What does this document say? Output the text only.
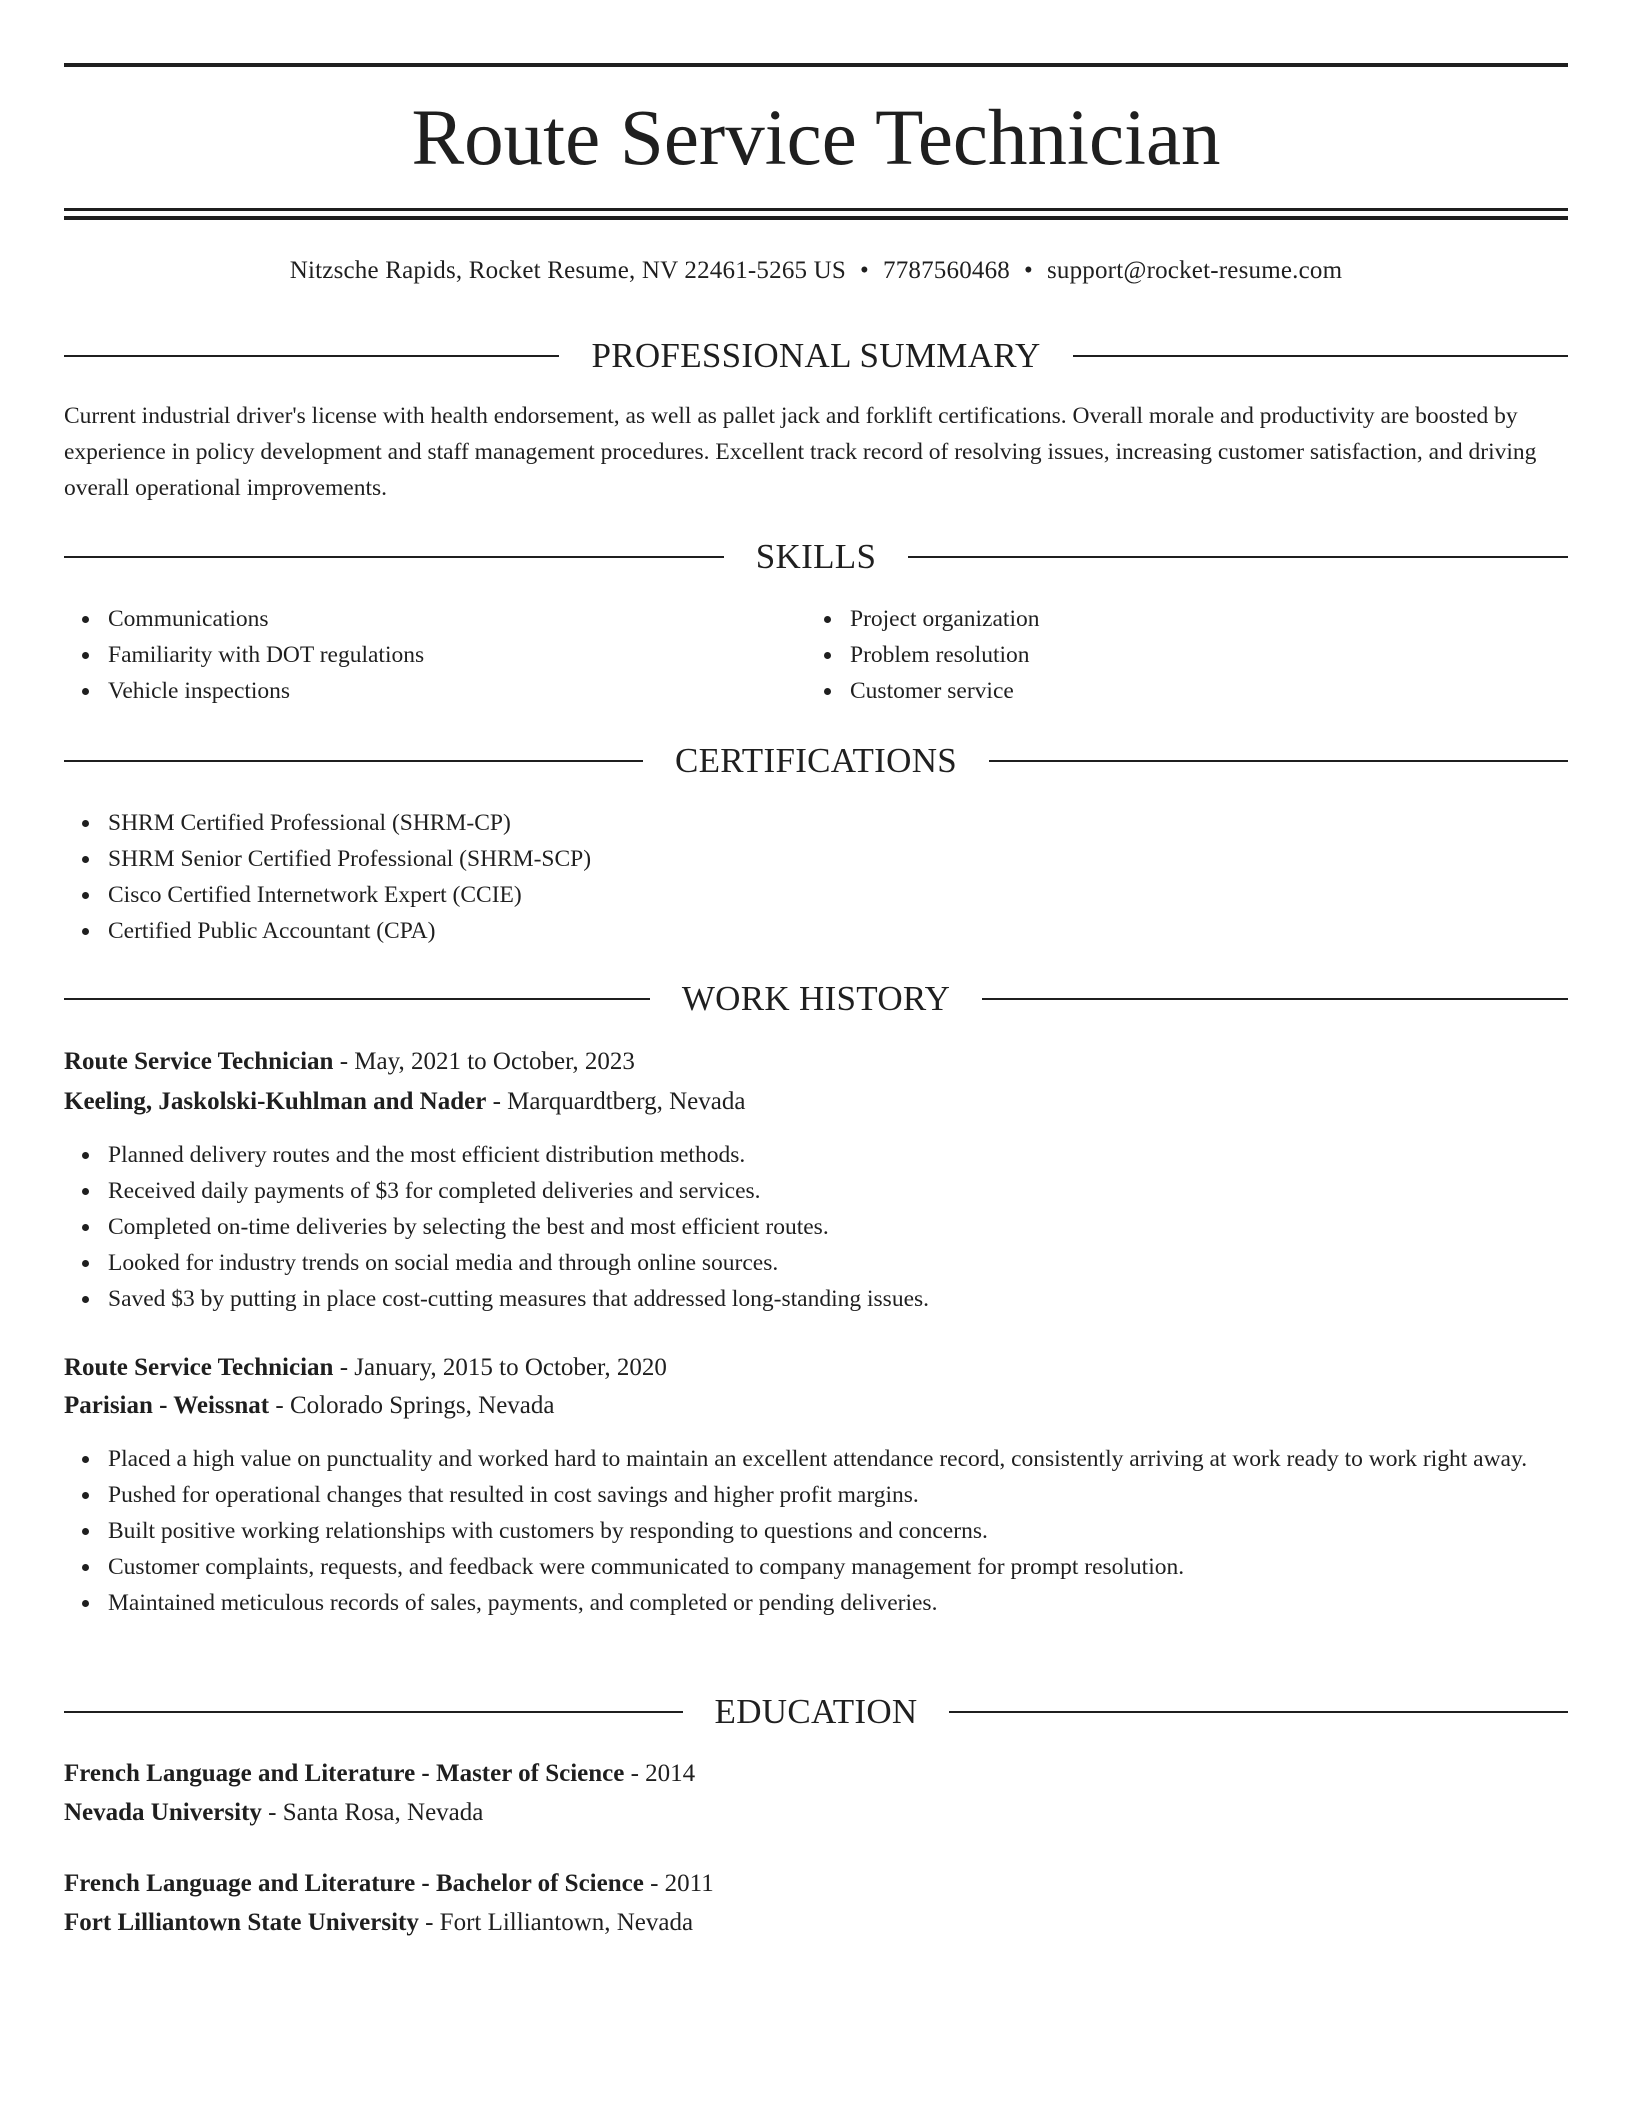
Route Service Technician
Nitzsche Rapids, Rocket Resume, NV 22461-5265 US • 7787560468 • support@rocket-resume.com
PROFESSIONAL SUMMARY

Current industrial driver's license with health endorsement, as well as pallet jack and forklift certifications. Overall morale and productivity are boosted by experience in policy development and staff management procedures. Excellent track record of resolving issues, increasing customer satisfaction, and driving overall operational improvements.

SKILLS
Communications
Familiarity with DOT regulations
Vehicle inspections
Project organization
Problem resolution
Customer service
CERTIFICATIONS
SHRM Certified Professional (SHRM-CP)
SHRM Senior Certified Professional (SHRM-SCP)
Cisco Certified Internetwork Expert (CCIE)
Certified Public Accountant (CPA)
WORK HISTORY
Route Service Technician - May, 2021 to October, 2023
Keeling, Jaskolski-Kuhlman and Nader - Marquardtberg, Nevada
Planned delivery routes and the most efficient distribution methods.
Received daily payments of $3 for completed deliveries and services.
Completed on-time deliveries by selecting the best and most efficient routes.
Looked for industry trends on social media and through online sources.
Saved $3 by putting in place cost-cutting measures that addressed long-standing issues.
Route Service Technician - January, 2015 to October, 2020
Parisian - Weissnat - Colorado Springs, Nevada
Placed a high value on punctuality and worked hard to maintain an excellent attendance record, consistently arriving at work ready to work right away.
Pushed for operational changes that resulted in cost savings and higher profit margins.
Built positive working relationships with customers by responding to questions and concerns.
Customer complaints, requests, and feedback were communicated to company management for prompt resolution.
Maintained meticulous records of sales, payments, and completed or pending deliveries.
EDUCATION
French Language and Literature - Master of Science - 2014
Nevada University - Santa Rosa, Nevada
French Language and Literature - Bachelor of Science - 2011
Fort Lilliantown State University - Fort Lilliantown, Nevada
